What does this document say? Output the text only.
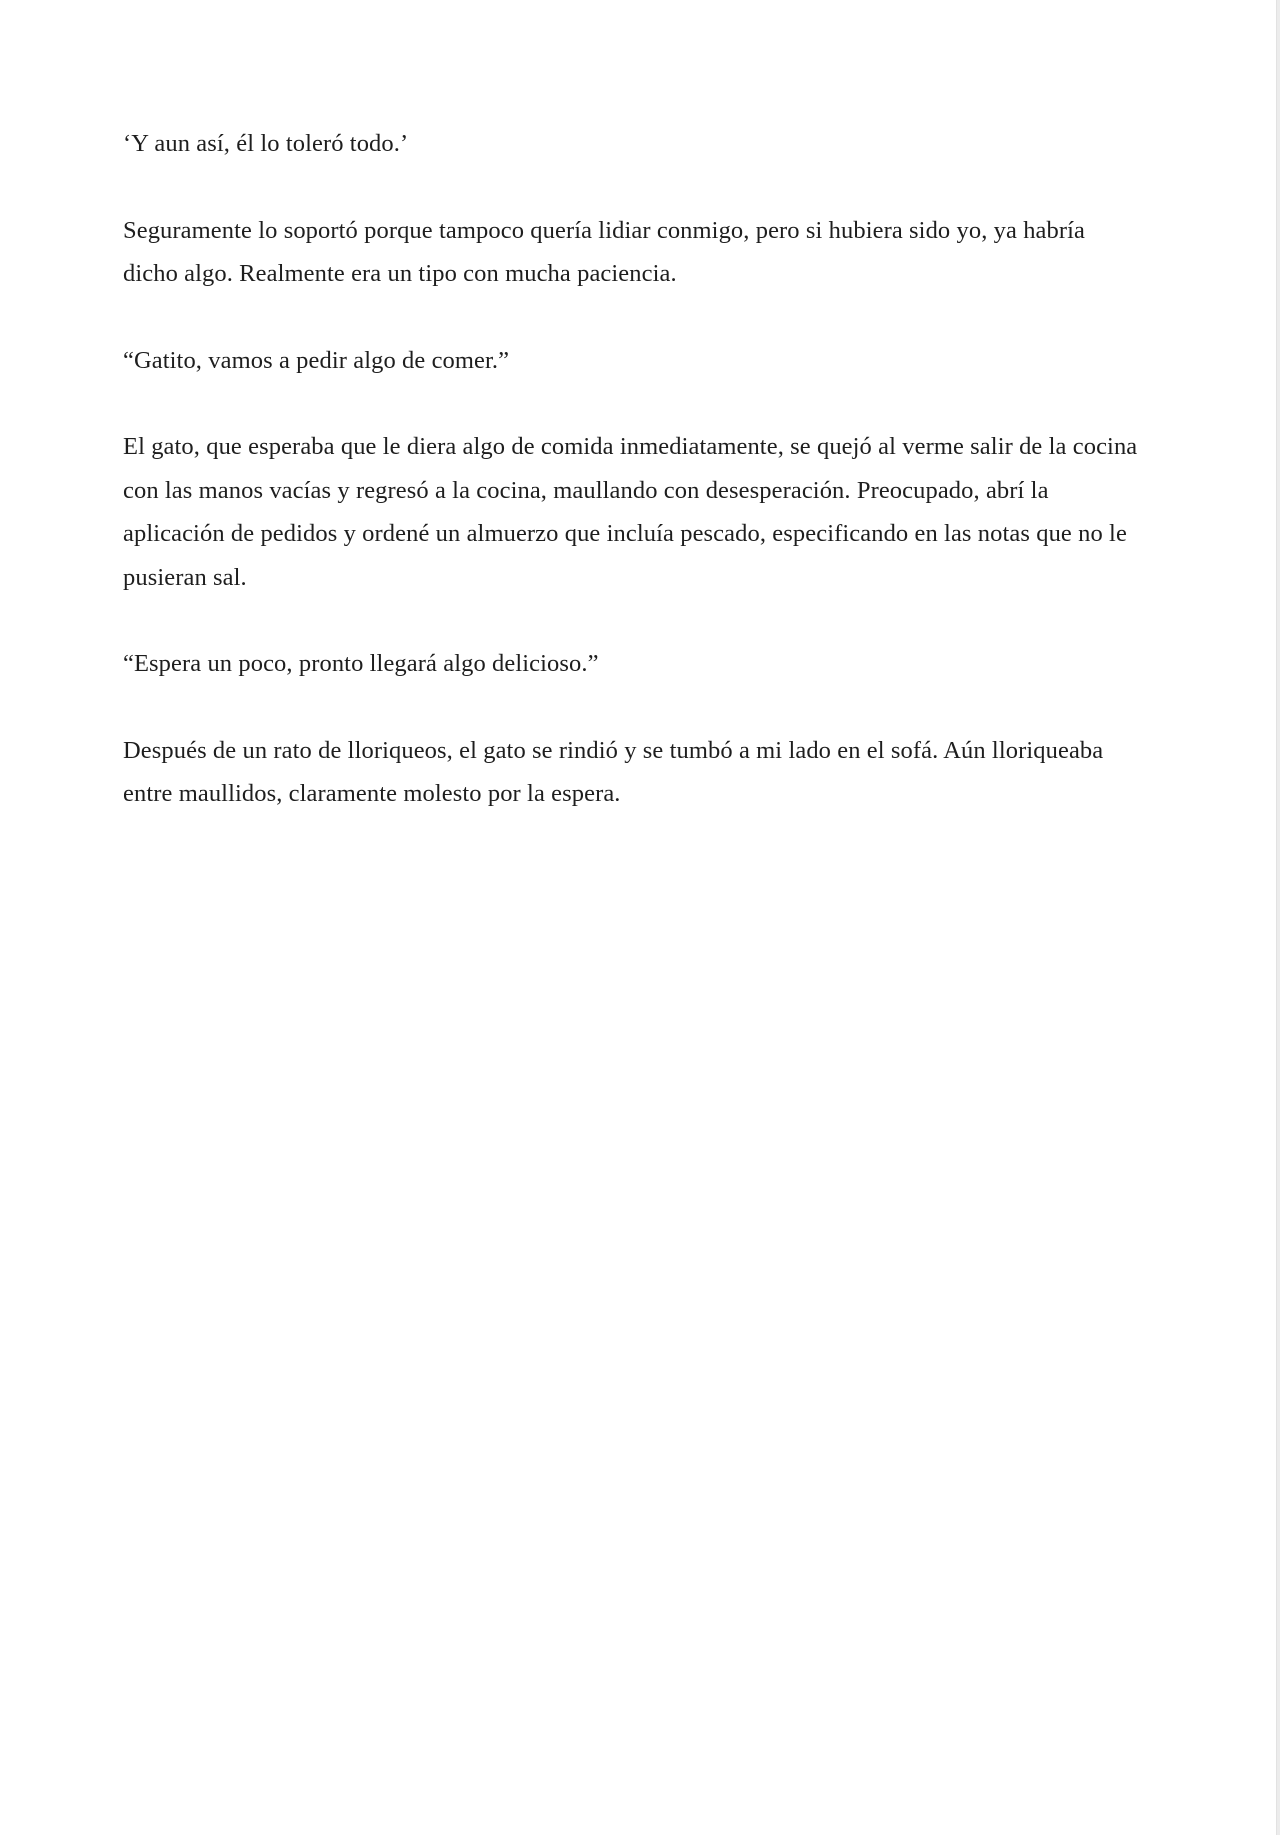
‘Y aun así, él lo toleró todo.’

Seguramente lo soportó porque tampoco quería lidiar conmigo, pero si hubiera sido yo, ya habría dicho algo. Realmente era un tipo con mucha paciencia.

“Gatito, vamos a pedir algo de comer.”

El gato, que esperaba que le diera algo de comida inmediatamente, se quejó al verme salir de la cocina con las manos vacías y regresó a la cocina, maullando con desesperación. Preocupado, abrí la aplicación de pedidos y ordené un almuerzo que incluía pescado, especificando en las notas que no le pusieran sal.

“Espera un poco, pronto llegará algo delicioso.”

Después de un rato de lloriqueos, el gato se rindió y se tumbó a mi lado en el sofá. Aún lloriqueaba entre maullidos, claramente molesto por la espera.
